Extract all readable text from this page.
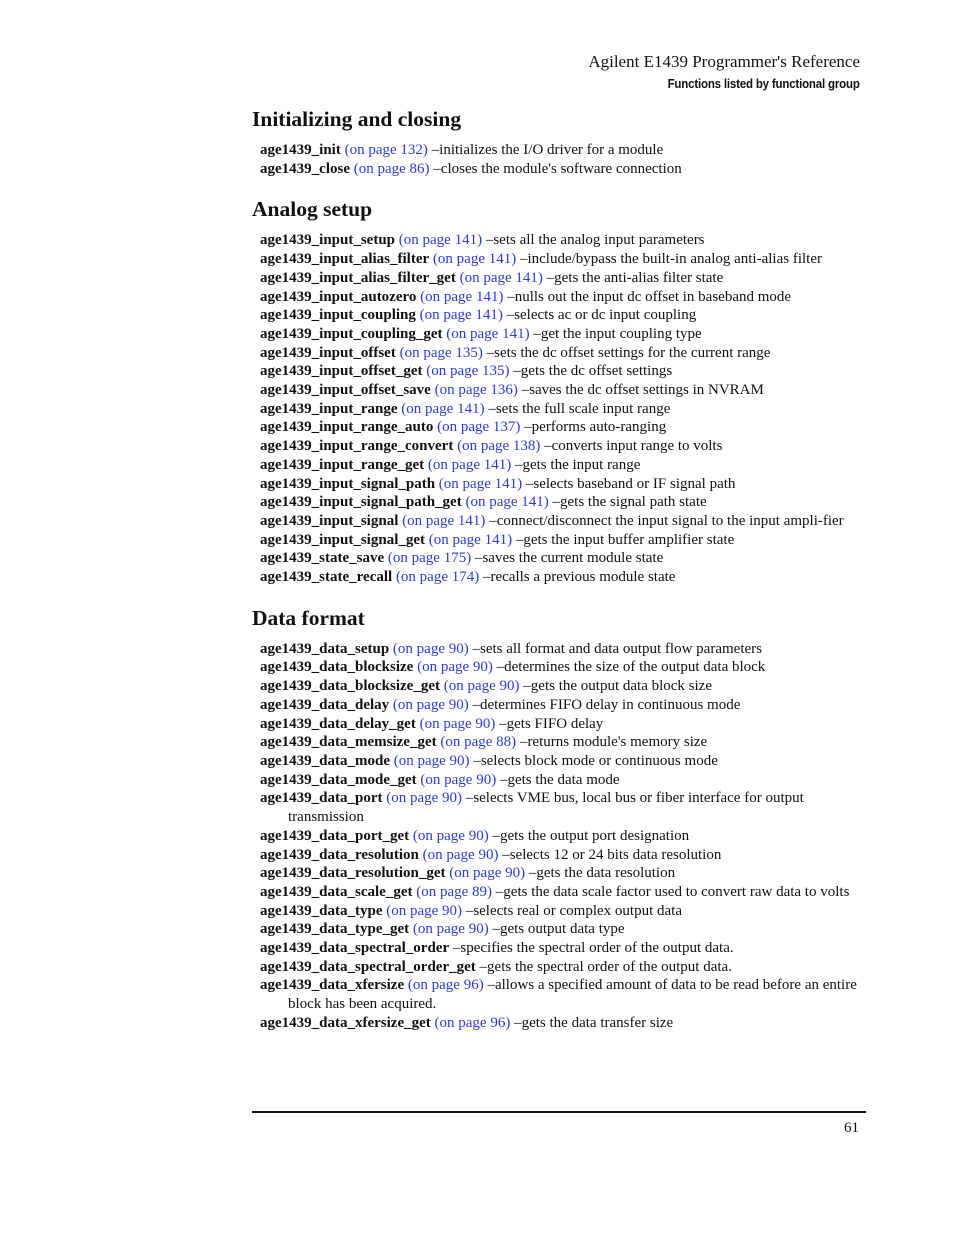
Agilent E1439 Programmer's Reference
Functions listed by functional group
Initializing and closing
age1439_init (on page 132) –initializes the I/O driver for a module
age1439_close (on page 86) –closes the module's software connection
Analog setup
age1439_input_setup (on page 141) –sets all the analog input parameters
age1439_input_alias_filter (on page 141) –include/bypass the built-in analog anti-alias filter
age1439_input_alias_filter_get (on page 141) –gets the anti-alias filter state
age1439_input_autozero (on page 141) –nulls out the input dc offset in baseband mode
age1439_input_coupling (on page 141) –selects ac or dc input coupling
age1439_input_coupling_get (on page 141) –get the input coupling type
age1439_input_offset (on page 135) –sets the dc offset settings for the current range
age1439_input_offset_get (on page 135) –gets the dc offset settings
age1439_input_offset_save (on page 136) –saves the dc offset settings in NVRAM
age1439_input_range (on page 141) –sets the full scale input range
age1439_input_range_auto (on page 137) –performs auto-ranging
age1439_input_range_convert (on page 138) –converts input range to volts
age1439_input_range_get (on page 141) –gets the input range
age1439_input_signal_path (on page 141) –selects baseband or IF signal path
age1439_input_signal_path_get (on page 141) –gets the signal path state
age1439_input_signal (on page 141) –connect/disconnect the input signal to the input ampli-fier
age1439_input_signal_get (on page 141) –gets the input buffer amplifier state
age1439_state_save (on page 175) –saves the current module state
age1439_state_recall (on page 174) –recalls a previous module state
Data format
age1439_data_setup (on page 90) –sets all format and data output flow parameters
age1439_data_blocksize (on page 90) –determines the size of the output data block
age1439_data_blocksize_get (on page 90) –gets the output data block size
age1439_data_delay (on page 90) –determines FIFO delay in continuous mode
age1439_data_delay_get (on page 90) –gets FIFO delay
age1439_data_memsize_get (on page 88) –returns module's memory size
age1439_data_mode (on page 90) –selects block mode or continuous mode
age1439_data_mode_get (on page 90) –gets the data mode
age1439_data_port (on page 90) –selects VME bus, local bus or fiber interface for output transmission
age1439_data_port_get (on page 90) –gets the output port designation
age1439_data_resolution (on page 90) –selects 12 or 24 bits data resolution
age1439_data_resolution_get (on page 90) –gets the data resolution
age1439_data_scale_get (on page 89) –gets the data scale factor used to convert raw data to volts
age1439_data_type (on page 90) –selects real or complex output data
age1439_data_type_get (on page 90) –gets output data type
age1439_data_spectral_order –specifies the spectral order of the output data.
age1439_data_spectral_order_get –gets the spectral order of the output data.
age1439_data_xfersize (on page 96) –allows a specified amount of data to be read before an entire block has been acquired.
age1439_data_xfersize_get (on page 96) –gets the data transfer size
61
